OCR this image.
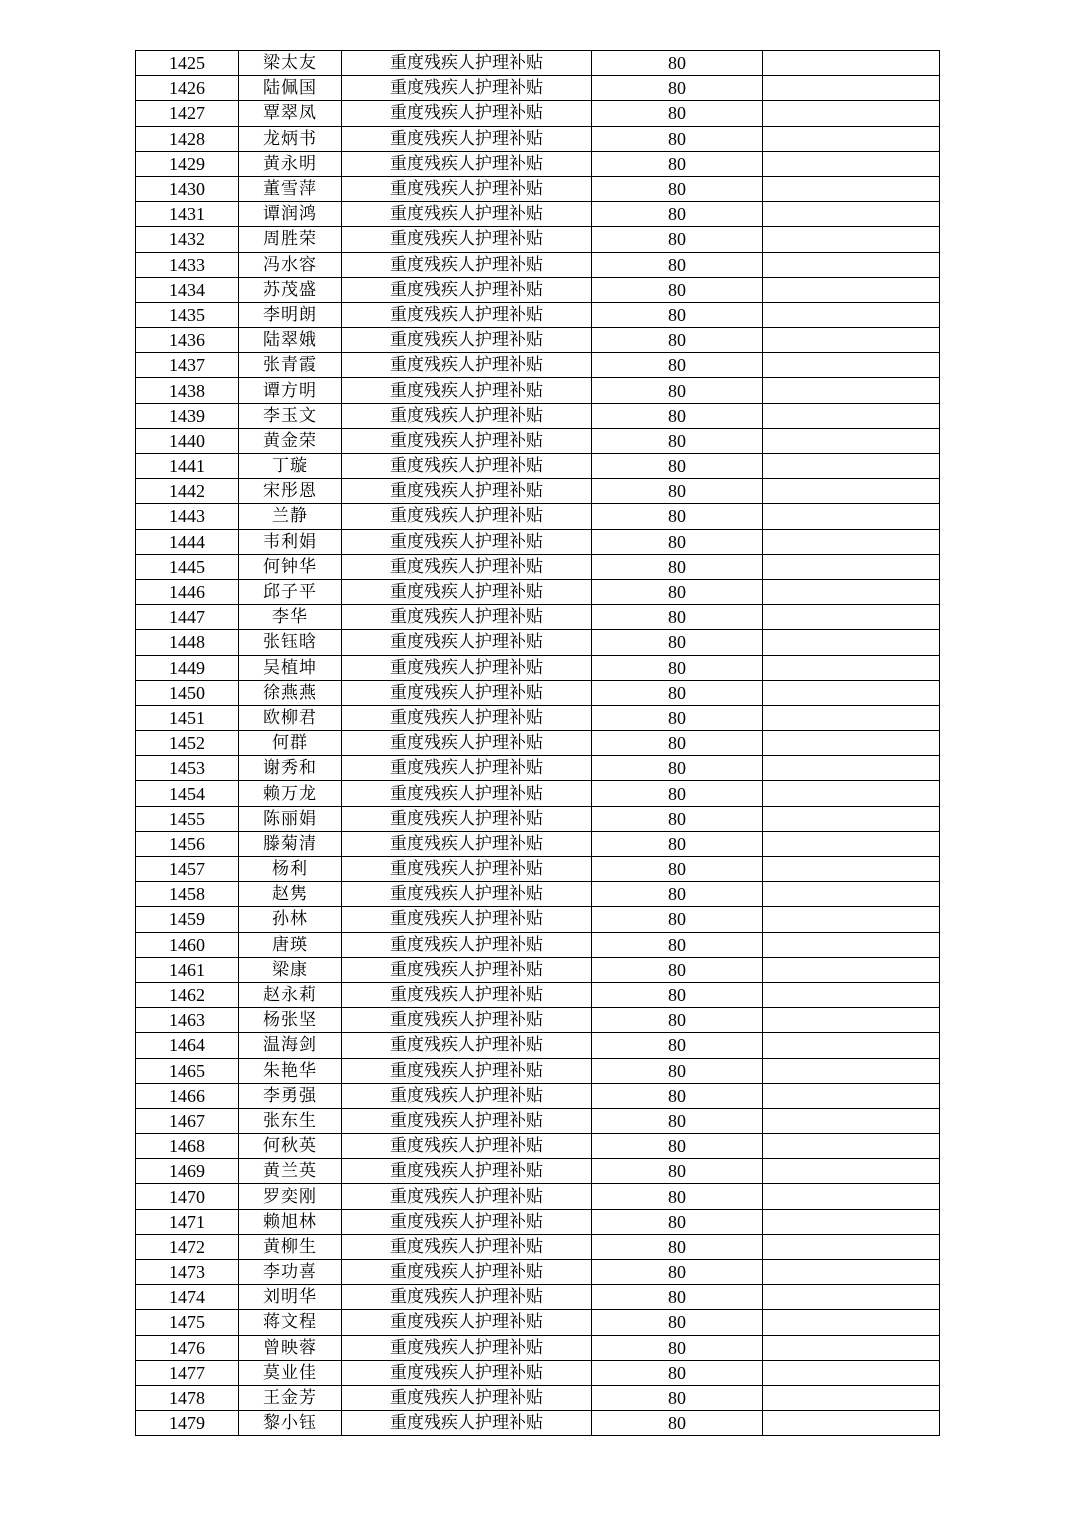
1425	梁太友	重度残疾人护理补贴	80	
1426	陆佩国	重度残疾人护理补贴	80	
1427	覃翠凤	重度残疾人护理补贴	80	
1428	龙炳书	重度残疾人护理补贴	80	
1429	黄永明	重度残疾人护理补贴	80	
1430	董雪萍	重度残疾人护理补贴	80	
1431	谭润鸿	重度残疾人护理补贴	80	
1432	周胜荣	重度残疾人护理补贴	80	
1433	冯水容	重度残疾人护理补贴	80	
1434	苏茂盛	重度残疾人护理补贴	80	
1435	李明朗	重度残疾人护理补贴	80	
1436	陆翠娥	重度残疾人护理补贴	80	
1437	张青霞	重度残疾人护理补贴	80	
1438	谭方明	重度残疾人护理补贴	80	
1439	李玉文	重度残疾人护理补贴	80	
1440	黄金荣	重度残疾人护理补贴	80	
1441	丁璇	重度残疾人护理补贴	80	
1442	宋彤恩	重度残疾人护理补贴	80	
1443	兰静	重度残疾人护理补贴	80	
1444	韦利娟	重度残疾人护理补贴	80	
1445	何钟华	重度残疾人护理补贴	80	
1446	邱子平	重度残疾人护理补贴	80	
1447	李华	重度残疾人护理补贴	80	
1448	张钰晗	重度残疾人护理补贴	80	
1449	吴植坤	重度残疾人护理补贴	80	
1450	徐燕燕	重度残疾人护理补贴	80	
1451	欧柳君	重度残疾人护理补贴	80	
1452	何群	重度残疾人护理补贴	80	
1453	谢秀和	重度残疾人护理补贴	80	
1454	赖万龙	重度残疾人护理补贴	80	
1455	陈丽娟	重度残疾人护理补贴	80	
1456	滕菊清	重度残疾人护理补贴	80	
1457	杨利	重度残疾人护理补贴	80	
1458	赵隽	重度残疾人护理补贴	80	
1459	孙林	重度残疾人护理补贴	80	
1460	唐瑛	重度残疾人护理补贴	80	
1461	梁康	重度残疾人护理补贴	80	
1462	赵永莉	重度残疾人护理补贴	80	
1463	杨张坚	重度残疾人护理补贴	80	
1464	温海剑	重度残疾人护理补贴	80	
1465	朱艳华	重度残疾人护理补贴	80	
1466	李勇强	重度残疾人护理补贴	80	
1467	张东生	重度残疾人护理补贴	80	
1468	何秋英	重度残疾人护理补贴	80	
1469	黄兰英	重度残疾人护理补贴	80	
1470	罗奕刚	重度残疾人护理补贴	80	
1471	赖旭林	重度残疾人护理补贴	80	
1472	黄柳生	重度残疾人护理补贴	80	
1473	李功喜	重度残疾人护理补贴	80	
1474	刘明华	重度残疾人护理补贴	80	
1475	蒋文程	重度残疾人护理补贴	80	
1476	曾映蓉	重度残疾人护理补贴	80	
1477	莫业佳	重度残疾人护理补贴	80	
1478	王金芳	重度残疾人护理补贴	80	
1479	黎小钰	重度残疾人护理补贴	80	
